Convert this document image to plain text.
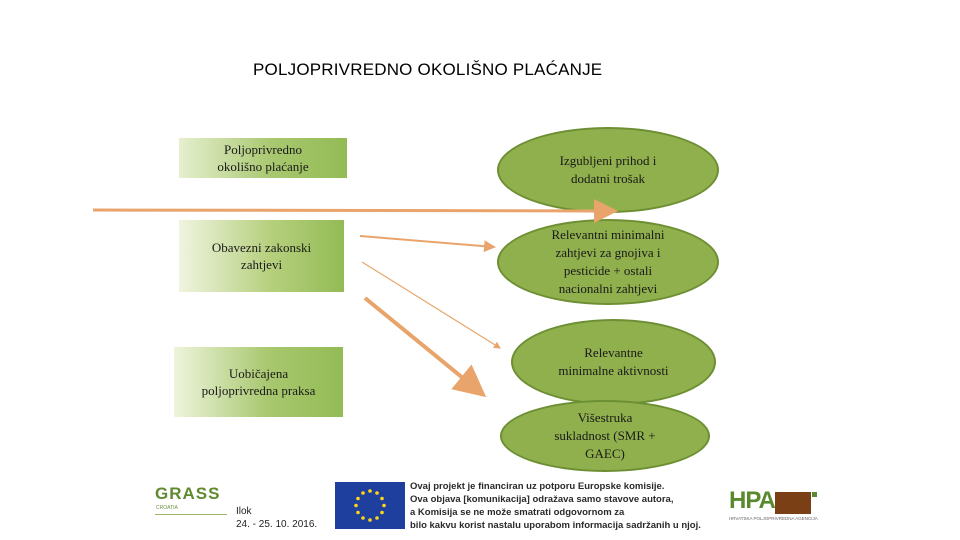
POLJOPRIVREDNO OKOLIŠNO PLAĆANJE
Poljoprivredno
okolišno plaćanje
Obavezni zakonski
zahtjevi
Uobičajena
poljoprivredna praksa
Izgubljeni prihod i
dodatni trošak
Relevantni minimalni
zahtjevi za gnojiva i
pesticide + ostali
nacionalni zahtjevi
Relevantne
minimalne aktivnosti
Višestruka
sukladnost (SMR +
GAEC)
GRASS
CROATIA	Ilok
24. - 25. 10. 2016.
Ovaj projekt je financiran uz potporu Europske komisije.
Ova objava [komunikacija] odražava samo stavove autora,
a Komisija se ne može smatrati odgovornom za
bilo kakvu korist nastalu uporabom informacija sadržanih u njoj.
HPA
HRVATSKA POLJOPRIVREDNA AGENCIJA
